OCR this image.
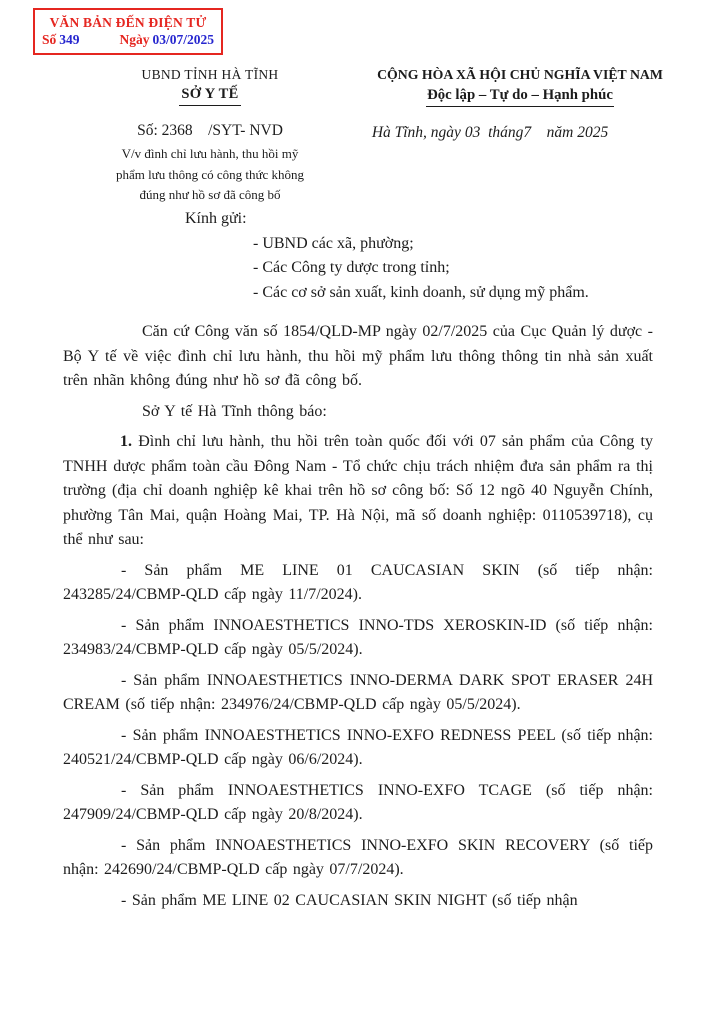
VĂN BẢN ĐẾN ĐIỆN TỬ
Số 349	Ngày 03/07/2025
UBND TỈNH HÀ TĨNH
SỞ Y TẾ
Số: 2368    /SYT- NVD
V/v đình chỉ lưu hành, thu hồi mỹ phẩm lưu thông có công thức không đúng như hồ sơ đã công bố
CỘNG HÒA XÃ HỘI CHỦ NGHĨA VIỆT NAM
Độc lập – Tự do – Hạnh phúc
Hà Tĩnh, ngày 03  tháng7    năm 2025
Kính gửi:
- UBND các xã, phường;
- Các Công ty dược trong tỉnh;
- Các cơ sở sản xuất, kinh doanh, sử dụng mỹ phẩm.

Căn cứ Công văn số 1854/QLD-MP ngày 02/7/2025 của Cục Quản lý dược - Bộ Y tế về việc đình chỉ lưu hành, thu hồi mỹ phẩm lưu thông thông tin nhà sản xuất trên nhãn không đúng như hồ sơ đã công bố.

Sở Y tế Hà Tĩnh thông báo:

1. Đình chỉ lưu hành, thu hồi trên toàn quốc đối với 07 sản phẩm của Công ty TNHH dược phẩm toàn cầu Đông Nam - Tổ chức chịu trách nhiệm đưa sản phẩm ra thị trường (địa chỉ doanh nghiệp kê khai trên hồ sơ công bố: Số 12 ngõ 40 Nguyễn Chính, phường Tân Mai, quận Hoàng Mai, TP. Hà Nội, mã số doanh nghiệp: 0110539718), cụ thể như sau:

- Sản phẩm ME LINE 01 CAUCASIAN SKIN (số tiếp nhận: 243285/24/CBMP-QLD cấp ngày 11/7/2024).

- Sản phẩm INNOAESTHETICS INNO-TDS XEROSKIN-ID (số tiếp nhận: 234983/24/CBMP-QLD cấp ngày 05/5/2024).

- Sản phẩm INNOAESTHETICS INNO-DERMA DARK SPOT ERASER 24H CREAM (số tiếp nhận: 234976/24/CBMP-QLD cấp ngày 05/5/2024).

- Sản phẩm INNOAESTHETICS INNO-EXFO REDNESS PEEL (số tiếp nhận: 240521/24/CBMP-QLD cấp ngày 06/6/2024).

- Sản phẩm INNOAESTHETICS INNO-EXFO TCAGE (số tiếp nhận: 247909/24/CBMP-QLD cấp ngày 20/8/2024).

- Sản phẩm INNOAESTHETICS INNO-EXFO SKIN RECOVERY (số tiếp nhận: 242690/24/CBMP-QLD cấp ngày 07/7/2024).

- Sản phẩm ME LINE 02 CAUCASIAN SKIN NIGHT (số tiếp nhận
